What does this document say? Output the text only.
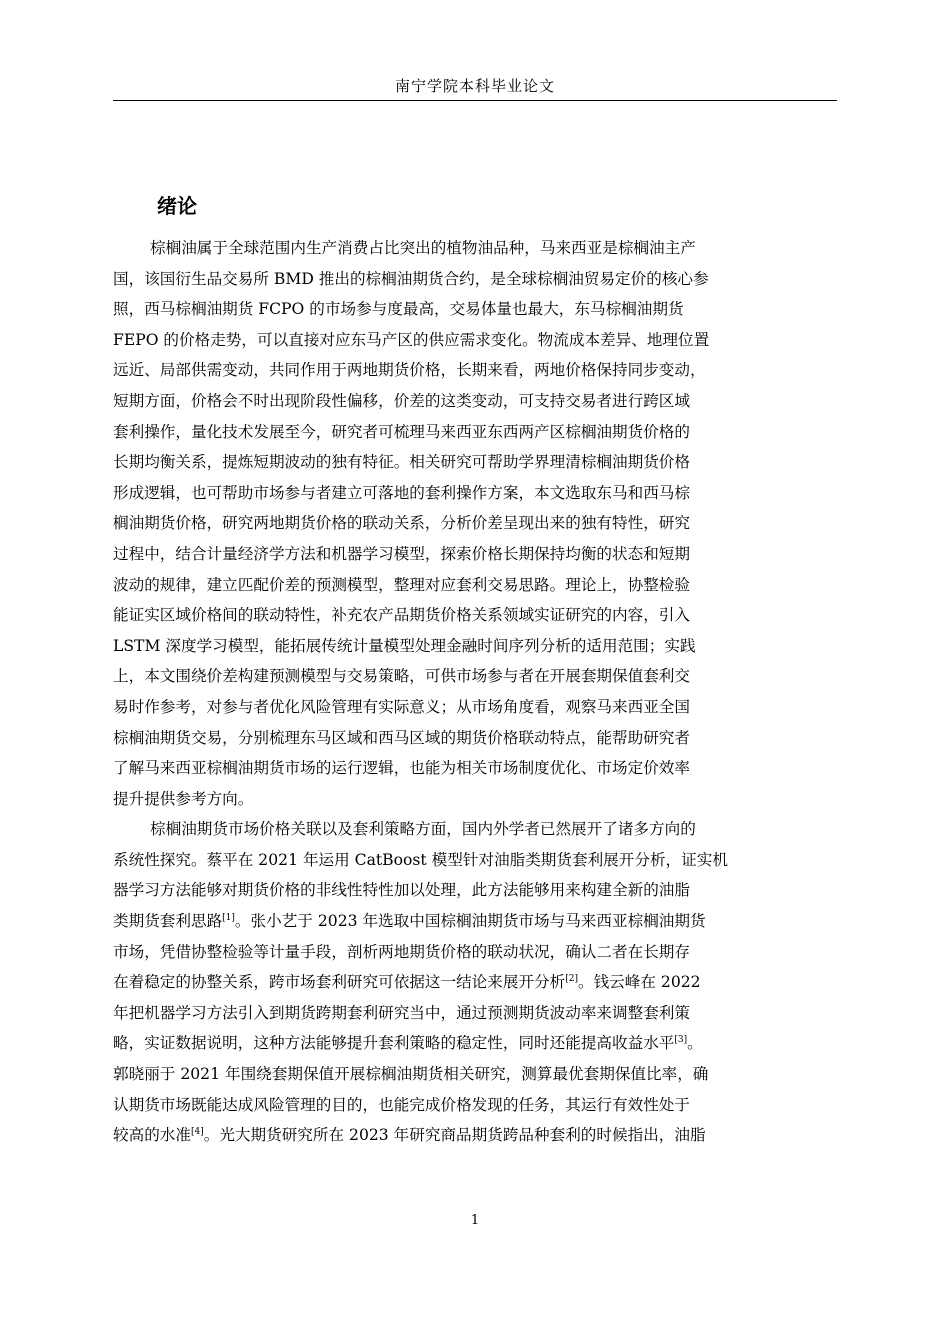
南宁学院本科毕业论文
绪论
棕榈油属于全球范围内生产消费占比突出的植物油品种，马来西亚是棕榈油主产
国，该国衍生品交易所 BMD 推出的棕榈油期货合约，是全球棕榈油贸易定价的核心参
照，西马棕榈油期货 FCPO 的市场参与度最高，交易体量也最大，东马棕榈油期货
FEPO 的价格走势，可以直接对应东马产区的供应需求变化。物流成本差异、地理位置
远近、局部供需变动，共同作用于两地期货价格，长期来看，两地价格保持同步变动，
短期方面，价格会不时出现阶段性偏移，价差的这类变动，可支持交易者进行跨区域
套利操作，量化技术发展至今，研究者可梳理马来西亚东西两产区棕榈油期货价格的
长期均衡关系，提炼短期波动的独有特征。相关研究可帮助学界理清棕榈油期货价格
形成逻辑，也可帮助市场参与者建立可落地的套利操作方案，本文选取东马和西马棕
榈油期货价格，研究两地期货价格的联动关系，分析价差呈现出来的独有特性，研究
过程中，结合计量经济学方法和机器学习模型，探索价格长期保持均衡的状态和短期
波动的规律，建立匹配价差的预测模型，整理对应套利交易思路。理论上，协整检验
能证实区域价格间的联动特性，补充农产品期货价格关系领域实证研究的内容，引入
LSTM 深度学习模型，能拓展传统计量模型处理金融时间序列分析的适用范围；实践
上，本文围绕价差构建预测模型与交易策略，可供市场参与者在开展套期保值套利交
易时作参考，对参与者优化风险管理有实际意义；从市场角度看，观察马来西亚全国
棕榈油期货交易，分别梳理东马区域和西马区域的期货价格联动特点，能帮助研究者
了解马来西亚棕榈油期货市场的运行逻辑，也能为相关市场制度优化、市场定价效率
提升提供参考方向。
棕榈油期货市场价格关联以及套利策略方面，国内外学者已然展开了诸多方向的
系统性探究。蔡平在 2021 年运用 CatBoost 模型针对油脂类期货套利展开分析，证实机
器学习方法能够对期货价格的非线性特性加以处理，此方法能够用来构建全新的油脂
类期货套利思路[1]。张小艺于 2023 年选取中国棕榈油期货市场与马来西亚棕榈油期货
市场，凭借协整检验等计量手段，剖析两地期货价格的联动状况，确认二者在长期存
在着稳定的协整关系，跨市场套利研究可依据这一结论来展开分析[2]。钱云峰在 2022
年把机器学习方法引入到期货跨期套利研究当中，通过预测期货波动率来调整套利策
略，实证数据说明，这种方法能够提升套利策略的稳定性，同时还能提高收益水平[3]。
郭晓丽于 2021 年围绕套期保值开展棕榈油期货相关研究，测算最优套期保值比率，确
认期货市场既能达成风险管理的目的，也能完成价格发现的任务，其运行有效性处于
较高的水准[4]。光大期货研究所在 2023 年研究商品期货跨品种套利的时候指出，油脂
1
